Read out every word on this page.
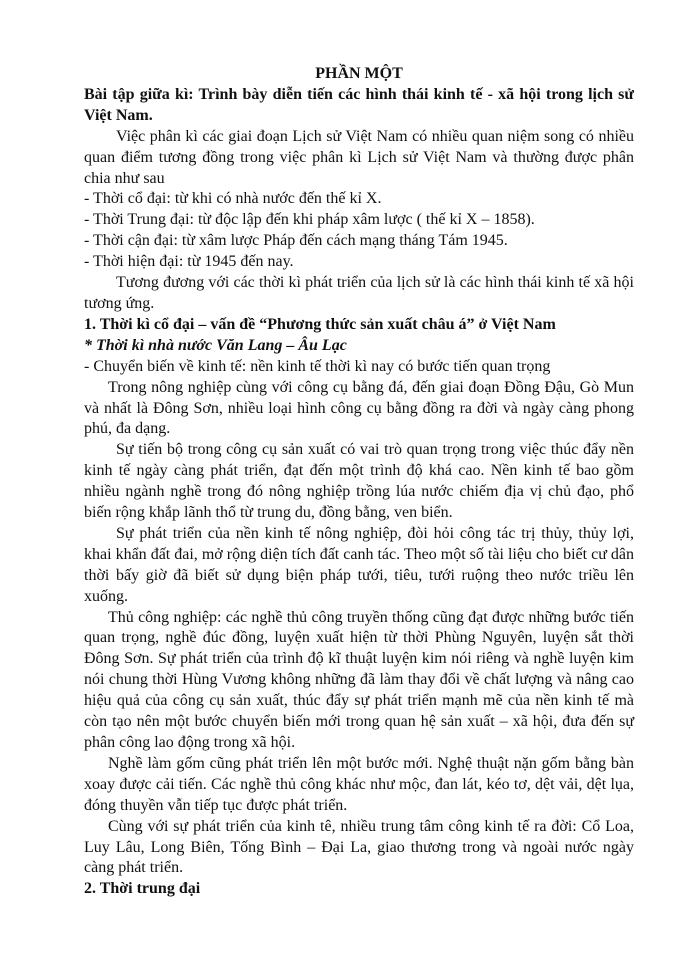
PHẦN MỘT

Bài tập giữa kì: Trình bày diễn tiến các hình thái kinh tế - xã hội trong lịch sử Việt Nam.

Việc phân kì các giai đoạn Lịch sử Việt Nam có nhiều quan niệm song có nhiều quan điểm tương đồng trong việc phân kì Lịch sử Việt Nam và thường được phân chia như sau

- Thời cổ đại: từ khi có nhà nước đến thế kỉ X.

- Thời Trung đại: từ độc lập đến khi pháp xâm lược ( thế kỉ X – 1858).

- Thời cận đại: từ xâm lược Pháp đến cách mạng tháng Tám 1945.

- Thời hiện đại: từ 1945 đến nay.

Tương đương với các thời kì phát triển của lịch sử là các hình thái kinh tế xã hội tương ứng.

1. Thời kì cổ đại – vấn đề “Phương thức sản xuất châu á” ở Việt Nam

* Thời kì nhà nước Văn Lang – Âu Lạc

- Chuyển biến về kinh tế: nền kinh tế thời kì nay có bước tiến quan trọng

Trong nông nghiệp cùng với công cụ bằng đá, đến giai đoạn Đồng Đậu, Gò Mun và nhất là Đông Sơn, nhiều loại hình công cụ bằng đồng ra đời và ngày càng phong phú, đa dạng.

Sự tiến bộ trong công cụ sản xuất có vai trò quan trọng trong việc thúc đẩy nền kinh tế ngày càng phát triển, đạt đến một trình độ khá cao. Nền kinh tế bao gồm nhiều ngành nghề trong đó nông nghiệp trồng lúa nước chiếm địa vị chủ đạo, phổ biến rộng khắp lãnh thổ từ trung du, đồng bằng, ven biển.

Sự phát triển của nền kinh tế nông nghiệp, đòi hỏi công tác trị thủy, thủy lợi, khai khẩn đất đai, mở rộng diện tích đất canh tác. Theo một số tài liệu cho biết cư dân thời bấy giờ đã biết sử dụng biện pháp tưới, tiêu, tưới ruộng theo nước triều lên xuống.

Thủ công nghiệp: các nghề thủ công truyền thống cũng đạt được những bước tiến quan trọng, nghề đúc đồng, luyện xuất hiện từ thời Phùng Nguyên, luyện sắt thời Đông Sơn. Sự phát triển của trình độ kĩ thuật luyện kim nói riêng và nghề luyện kim nói chung thời Hùng Vương không những đã làm thay đổi về chất lượng và nâng cao hiệu quả của công cụ sản xuất, thúc đẩy sự phát triển mạnh mẽ của nền kinh tế mà còn tạo nên một bước chuyển biến mới trong quan hệ sản xuất – xã hội, đưa đến sự phân công lao động trong xã hội.

Nghề làm gốm cũng phát triển lên một bước mới. Nghệ thuật nặn gốm bằng bàn xoay được cải tiến. Các nghề thủ công khác như mộc, đan lát, kéo tơ, dệt vải, dệt lụa, đóng thuyền vẫn tiếp tục được phát triển.

Cùng với sự phát triển của kinh tê, nhiều trung tâm công kinh tế ra đời: Cổ Loa, Luy Lâu, Long Biên, Tống Bình – Đại La, giao thương trong và ngoài nước ngày càng phát triển.

2. Thời trung đại
